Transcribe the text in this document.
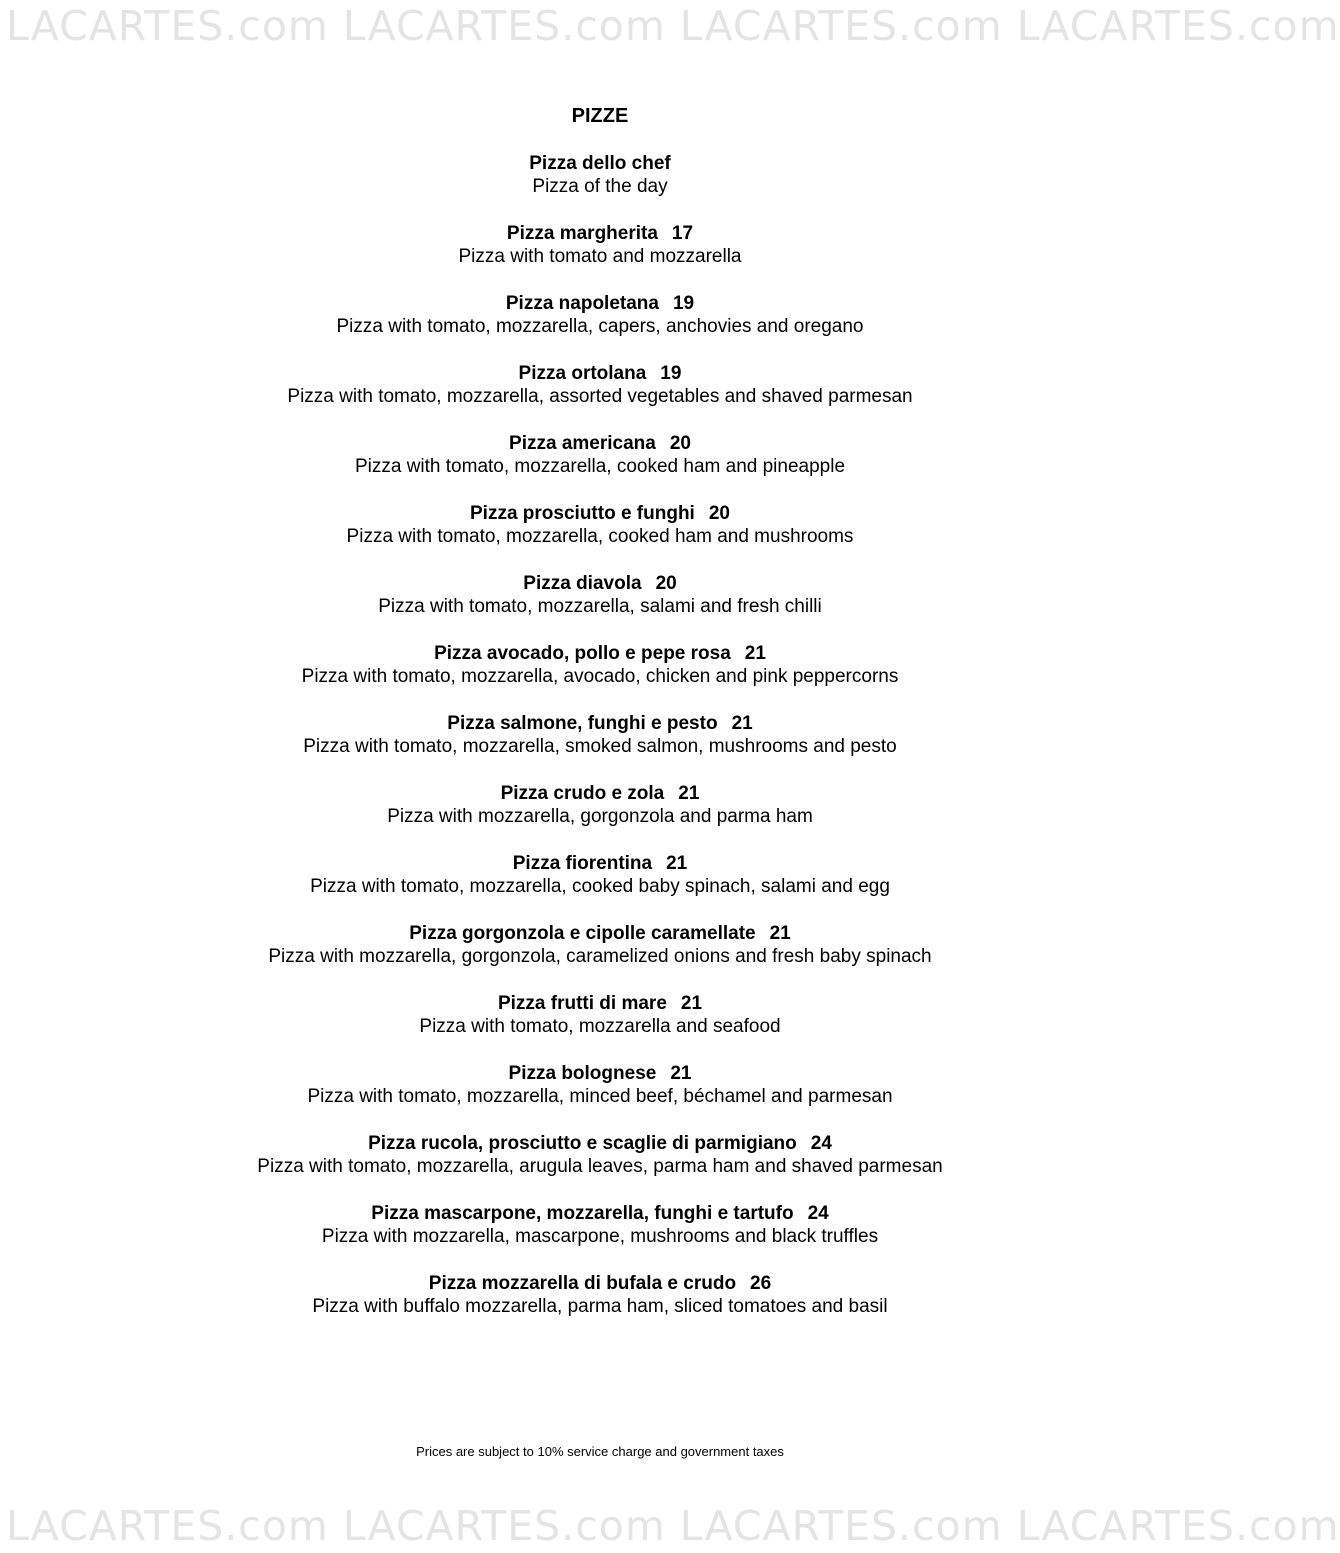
LACARTES.com LACARTES.com LACARTES.com LACARTES.com
PIZZE
Pizza dello chef
Pizza of the day
Pizza margherita 17
Pizza with tomato and mozzarella
Pizza napoletana 19
Pizza with tomato, mozzarella, capers, anchovies and oregano
Pizza ortolana 19
Pizza with tomato, mozzarella, assorted vegetables and shaved parmesan
Pizza americana 20
Pizza with tomato, mozzarella, cooked ham and pineapple
Pizza prosciutto e funghi 20
Pizza with tomato, mozzarella, cooked ham and mushrooms
Pizza diavola 20
Pizza with tomato, mozzarella, salami and fresh chilli
Pizza avocado, pollo e pepe rosa 21
Pizza with tomato, mozzarella, avocado, chicken and pink peppercorns
Pizza salmone, funghi e pesto 21
Pizza with tomato, mozzarella, smoked salmon, mushrooms and pesto
Pizza crudo e zola 21
Pizza with mozzarella, gorgonzola and parma ham
Pizza fiorentina 21
Pizza with tomato, mozzarella, cooked baby spinach, salami and egg
Pizza gorgonzola e cipolle caramellate 21
Pizza with mozzarella, gorgonzola, caramelized onions and fresh baby spinach
Pizza frutti di mare 21
Pizza with tomato, mozzarella and seafood
Pizza bolognese 21
Pizza with tomato, mozzarella, minced beef, béchamel and parmesan
Pizza rucola, prosciutto e scaglie di parmigiano 24
Pizza with tomato, mozzarella, arugula leaves, parma ham and shaved parmesan
Pizza mascarpone, mozzarella, funghi e tartufo 24
Pizza with mozzarella, mascarpone, mushrooms and black truffles
Pizza mozzarella di bufala e crudo 26
Pizza with buffalo mozzarella, parma ham, sliced tomatoes and basil
Prices are subject to 10% service charge and government taxes
LACARTES.com LACARTES.com LACARTES.com LACARTES.com
